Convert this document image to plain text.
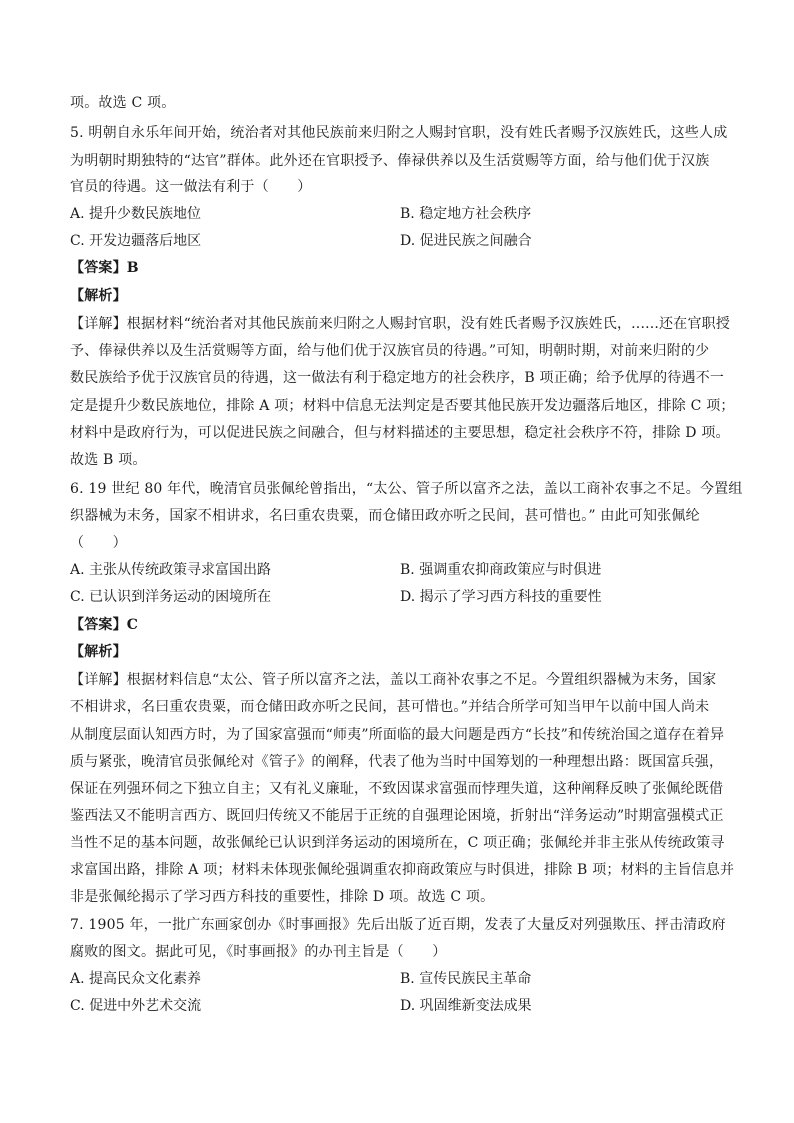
项。故选 C 项。
5. 明朝自永乐年间开始，统治者对其他民族前来归附之人赐封官职，没有姓氏者赐予汉族姓氏，这些人成
为明朝时期独特的“达官”群体。此外还在官职授予、俸禄供养以及生活赏赐等方面，给与他们优于汉族
官员的待遇。这一做法有利于（　　）
A. 提升少数民族地位	B. 稳定地方社会秩序
C. 开发边疆落后地区	D. 促进民族之间融合
【答案】B
【解析】
【详解】根据材料“统治者对其他民族前来归附之人赐封官职，没有姓氏者赐予汉族姓氏，......还在官职授
予、俸禄供养以及生活赏赐等方面，给与他们优于汉族官员的待遇。”可知，明朝时期，对前来归附的少
数民族给予优于汉族官员的待遇，这一做法有利于稳定地方的社会秩序，B 项正确；给予优厚的待遇不一
定是提升少数民族地位，排除 A 项；材料中信息无法判定是否要其他民族开发边疆落后地区，排除 C 项；
材料中是政府行为，可以促进民族之间融合，但与材料描述的主要思想，稳定社会秩序不符，排除 D 项。
故选 B 项。
6. 19 世纪 80 年代，晚清官员张佩纶曾指出，“太公、管子所以富齐之法，盖以工商补农事之不足。今置组
织器械为末务，国家不相讲求，名曰重农贵粟，而仓储田政亦听之民间，甚可惜也。” 由此可知张佩纶
（　　）
A. 主张从传统政策寻求富国出路	B. 强调重农抑商政策应与时俱进
C. 已认识到洋务运动的困境所在	D. 揭示了学习西方科技的重要性
【答案】C
【解析】
【详解】根据材料信息“太公、管子所以富齐之法，盖以工商补农事之不足。今置组织器械为末务，国家
不相讲求，名曰重农贵粟，而仓储田政亦听之民间，甚可惜也。”并结合所学可知当甲午以前中国人尚未
从制度层面认知西方时，为了国家富强而“师夷”所面临的最大问题是西方“长技”和传统治国之道存在着异
质与紧张，晚清官员张佩纶对《管子》的阐释，代表了他为当时中国筹划的一种理想出路：既国富兵强，
保证在列强环伺之下独立自主；又有礼义廉耻，不致因谋求富强而悖理失道，这种阐释反映了张佩纶既借
鉴西法又不能明言西方、既回归传统又不能居于正统的自强理论困境，折射出“洋务运动”时期富强模式正
当性不足的基本问题，故张佩纶已认识到洋务运动的困境所在，C 项正确；张佩纶并非主张从传统政策寻
求富国出路，排除 A 项；材料未体现张佩纶强调重农抑商政策应与时俱进，排除 B 项；材料的主旨信息并
非是张佩纶揭示了学习西方科技的重要性，排除 D 项。故选 C 项。
7. 1905 年，一批广东画家创办《时事画报》先后出版了近百期，发表了大量反对列强欺压、抨击清政府
腐败的图文。据此可见，《时事画报》的办刊主旨是（　　）
A. 提高民众文化素养	B. 宣传民族民主革命
C. 促进中外艺术交流	D. 巩固维新变法成果
